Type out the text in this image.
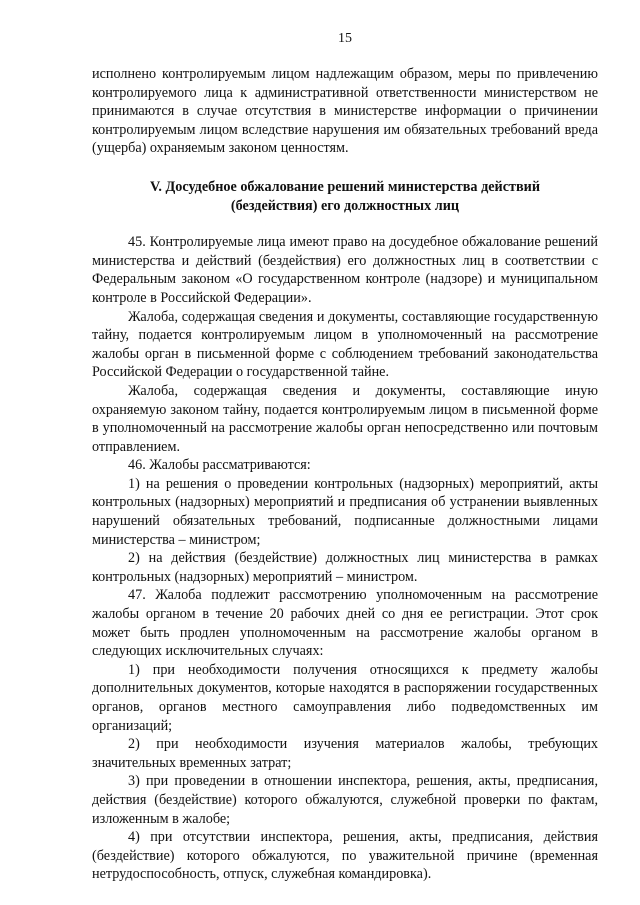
15

исполнено контролируемым лицом надлежащим образом, меры по привлечению контролируемого лица к административной ответственности министерством не принимаются в случае отсутствия в министерстве информации о причинении контролируемым лицом вследствие нарушения им обязательных требований вреда (ущерба) охраняемым законом ценностям.

V. Досудебное обжалование решений министерства действий
(бездействия) его должностных лиц

45. Контролируемые лица имеют право на досудебное обжалование решений министерства и действий (бездействия) его должностных лиц в соответствии с Федеральным законом «О государственном контроле (надзоре) и муниципальном контроле в Российской Федерации».

Жалоба, содержащая сведения и документы, составляющие государственную тайну, подается контролируемым лицом в уполномоченный на рассмотрение жалобы орган в письменной форме с соблюдением требований законодательства Российской Федерации о государственной тайне.

Жалоба, содержащая сведения и документы, составляющие иную охраняемую законом тайну, подается контролируемым лицом в письменной форме в уполномоченный на рассмотрение жалобы орган непосредственно или почтовым отправлением.

46. Жалобы рассматриваются:

1) на решения о проведении контрольных (надзорных) мероприятий, акты контрольных (надзорных) мероприятий и предписания об устранении выявленных нарушений обязательных требований, подписанные должностными лицами министерства – министром;

2) на действия (бездействие) должностных лиц министерства в рамках контрольных (надзорных) мероприятий – министром.

47. Жалоба подлежит рассмотрению уполномоченным на рассмотрение жалобы органом в течение 20 рабочих дней со дня ее регистрации. Этот срок может быть продлен уполномоченным на рассмотрение жалобы органом в следующих исключительных случаях:

1) при необходимости получения относящихся к предмету жалобы дополнительных документов, которые находятся в распоряжении государственных органов, органов местного самоуправления либо подведомственных им организаций;

2) при необходимости изучения материалов жалобы, требующих значительных временных затрат;

3) при проведении в отношении инспектора, решения, акты, предписания, действия (бездействие) которого обжалуются, служебной проверки по фактам, изложенным в жалобе;

4) при отсутствии инспектора, решения, акты, предписания, действия (бездействие) которого обжалуются, по уважительной причине (временная нетрудоспособность, отпуск, служебная командировка).
